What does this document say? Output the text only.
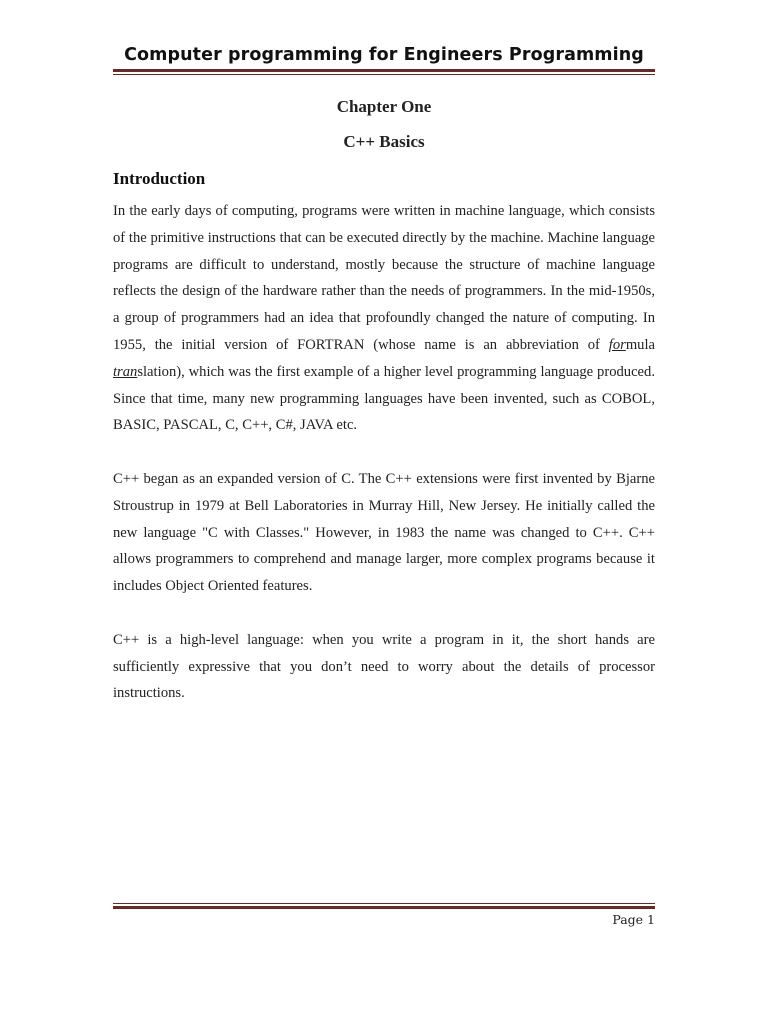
Computer programming for Engineers Programming
Chapter One
C++ Basics
Introduction

In the early days of computing, programs were written in machine language, which consists of the primitive instructions that can be executed directly by the machine. Machine language programs are difficult to understand, mostly because the structure of machine language reflects the design of the hardware rather than the needs of programmers. In the mid-1950s, a group of programmers had an idea that profoundly changed the nature of computing. In 1955, the initial version of FORTRAN (whose name is an abbreviation of formula translation), which was the first example of a higher level programming language produced. Since that time, many new programming languages have been invented, such as COBOL, BASIC, PASCAL, C, C++, C#, JAVA etc.

C++ began as an expanded version of C. The C++ extensions were first invented by Bjarne Stroustrup in 1979 at Bell Laboratories in Murray Hill, New Jersey. He initially called the new language "C with Classes." However, in 1983 the name was changed to C++. C++ allows programmers to comprehend and manage larger, more complex programs because it includes Object Oriented features.

C++ is a high-level language: when you write a program in it, the short hands are sufficiently expressive that you don’t need to worry about the details of processor instructions.

Page 1
